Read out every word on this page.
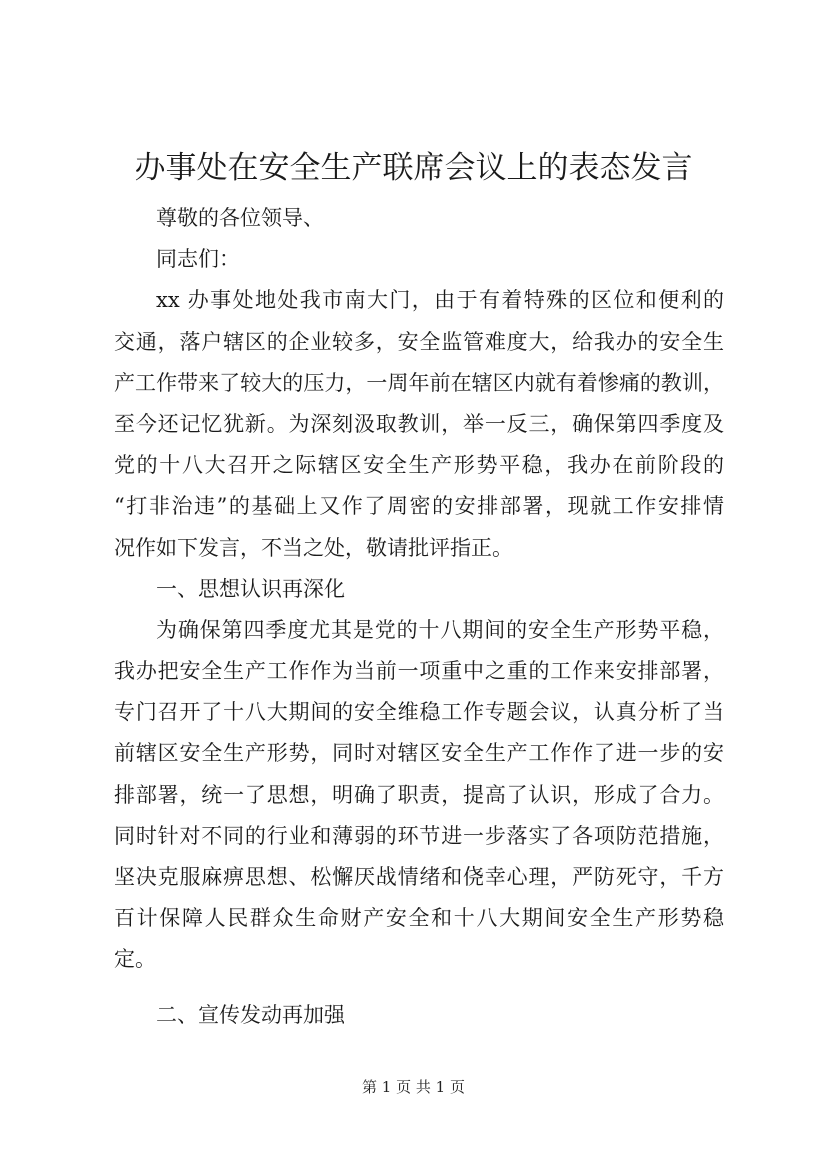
办事处在安全生产联席会议上的表态发言
尊敬的各位领导、
同志们：
xx 办事处地处我市南大门，由于有着特殊的区位和便利的
交通，落户辖区的企业较多，安全监管难度大，给我办的安全生
产工作带来了较大的压力，一周年前在辖区内就有着惨痛的教训，
至今还记忆犹新。为深刻汲取教训，举一反三，确保第四季度及
党的十八大召开之际辖区安全生产形势平稳，我办在前阶段的
“打非治违”的基础上又作了周密的安排部署，现就工作安排情
况作如下发言，不当之处，敬请批评指正。
一、思想认识再深化
为确保第四季度尤其是党的十八期间的安全生产形势平稳，
我办把安全生产工作作为当前一项重中之重的工作来安排部署，
专门召开了十八大期间的安全维稳工作专题会议，认真分析了当
前辖区安全生产形势，同时对辖区安全生产工作作了进一步的安
排部署，统一了思想，明确了职责，提高了认识，形成了合力。
同时针对不同的行业和薄弱的环节进一步落实了各项防范措施，
坚决克服麻痹思想、松懈厌战情绪和侥幸心理，严防死守，千方
百计保障人民群众生命财产安全和十八大期间安全生产形势稳
定。
二、宣传发动再加强
第 1 页 共 1 页
